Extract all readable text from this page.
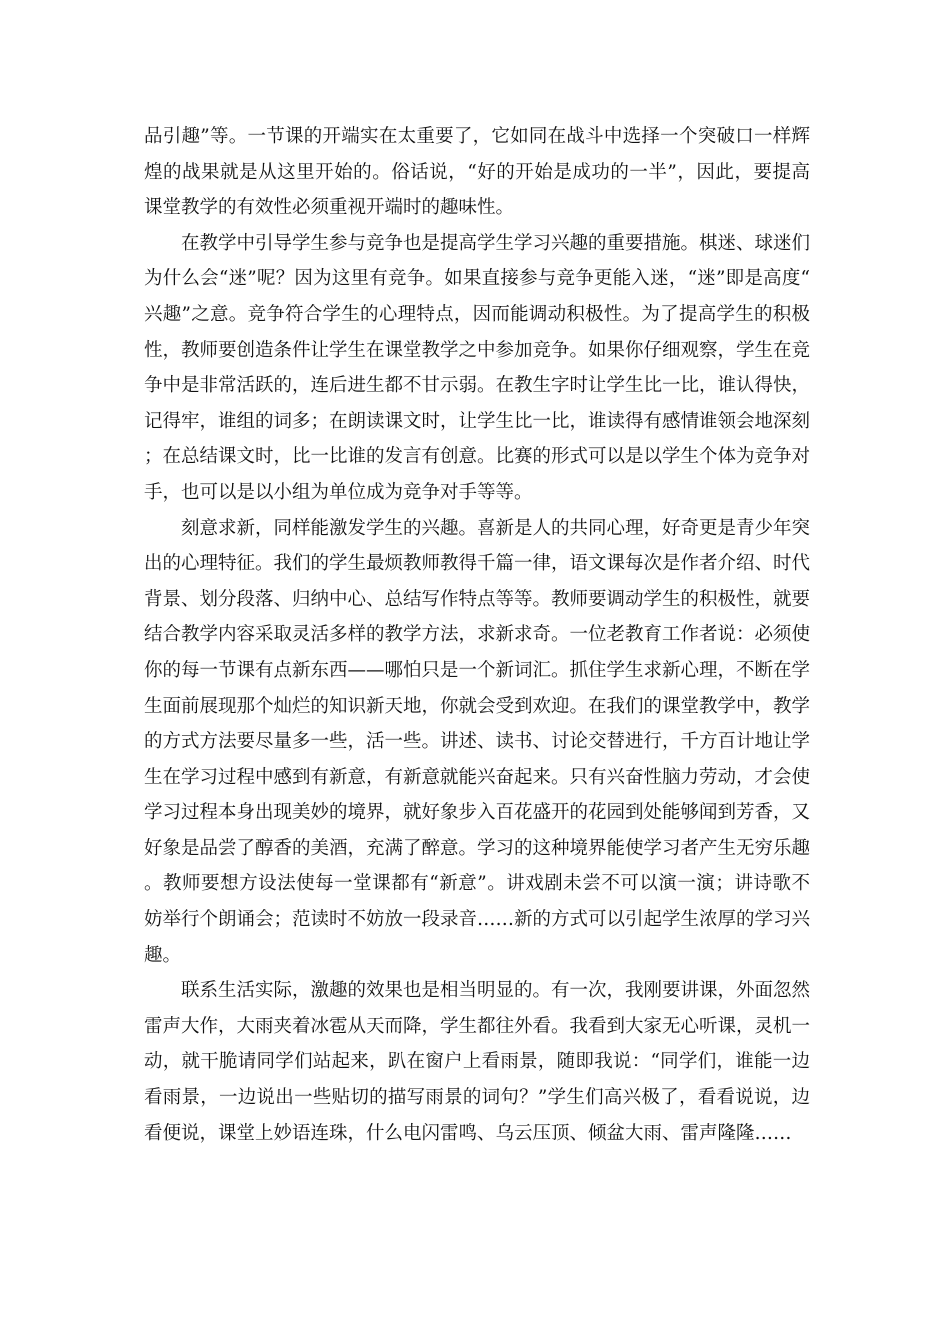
品引趣”等。一节课的开端实在太重要了，它如同在战斗中选择一个突破口一样辉煌的战果就是从这里开始的。俗话说，“好的开始是成功的一半”，因此，要提高课堂教学的有效性必须重视开端时的趣味性。

在教学中引导学生参与竞争也是提高学生学习兴趣的重要措施。棋迷、球迷们为什么会“迷”呢？因为这里有竞争。如果直接参与竞争更能入迷，“迷”即是高度“兴趣”之意。竞争符合学生的心理特点，因而能调动积极性。为了提高学生的积极性，教师要创造条件让学生在课堂教学之中参加竞争。如果你仔细观察，学生在竞争中是非常活跃的，连后进生都不甘示弱。在教生字时让学生比一比，谁认得快，记得牢，谁组的词多；在朗读课文时，让学生比一比，谁读得有感情谁领会地深刻；在总结课文时，比一比谁的发言有创意。比赛的形式可以是以学生个体为竞争对手，也可以是以小组为单位成为竞争对手等等。

刻意求新，同样能激发学生的兴趣。喜新是人的共同心理，好奇更是青少年突出的心理特征。我们的学生最烦教师教得千篇一律，语文课每次是作者介绍、时代背景、划分段落、归纳中心、总结写作特点等等。教师要调动学生的积极性，就要结合教学内容采取灵活多样的教学方法，求新求奇。一位老教育工作者说：必须使你的每一节课有点新东西——哪怕只是一个新词汇。抓住学生求新心理，不断在学生面前展现那个灿烂的知识新天地，你就会受到欢迎。在我们的课堂教学中，教学的方式方法要尽量多一些，活一些。讲述、读书、讨论交替进行，千方百计地让学生在学习过程中感到有新意，有新意就能兴奋起来。只有兴奋性脑力劳动，才会使学习过程本身出现美妙的境界，就好象步入百花盛开的花园到处能够闻到芳香，又好象是品尝了醇香的美酒，充满了醉意。学习的这种境界能使学习者产生无穷乐趣。教师要想方设法使每一堂课都有“新意”。讲戏剧未尝不可以演一演；讲诗歌不妨举行个朗诵会；范读时不妨放一段录音……新的方式可以引起学生浓厚的学习兴趣。

联系生活实际，激趣的效果也是相当明显的。有一次，我刚要讲课，外面忽然雷声大作，大雨夹着冰雹从天而降，学生都往外看。我看到大家无心听课，灵机一动，就干脆请同学们站起来，趴在窗户上看雨景，随即我说：“同学们，谁能一边看雨景，一边说出一些贴切的描写雨景的词句？”学生们高兴极了，看看说说，边看便说，课堂上妙语连珠，什么电闪雷鸣、乌云压顶、倾盆大雨、雷声隆隆……
